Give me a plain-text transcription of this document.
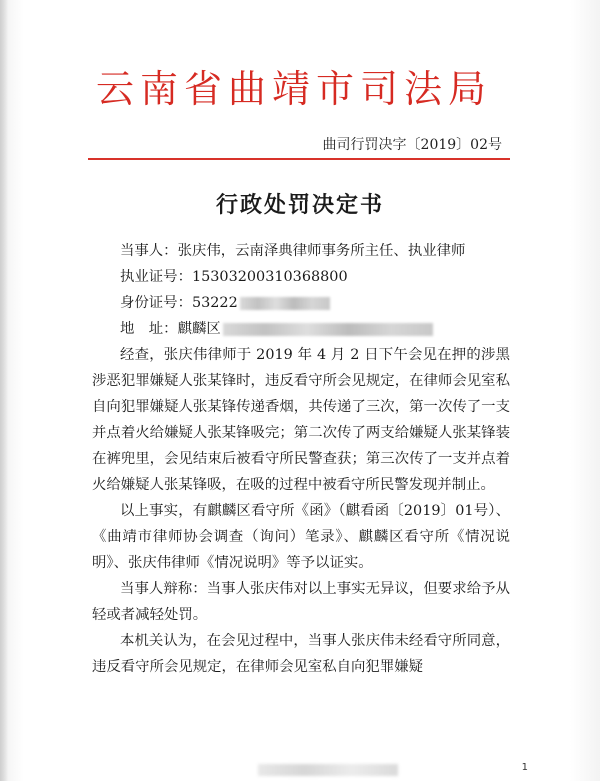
云南省曲靖市司法局
曲司行罚决字〔2019〕02号
行政处罚决定书
当事人：张庆伟，云南泽典律师事务所主任、执业律师
执业证号：15303200310368800
身份证号：53222
地　址：麒麟区

经查，张庆伟律师于 2019 年 4 月 2 日下午会见在押的涉黑涉恶犯罪嫌疑人张某锋时，违反看守所会见规定，在律师会见室私自向犯罪嫌疑人张某锋传递香烟，共传递了三次，第一次传了一支并点着火给嫌疑人张某锋吸完；第二次传了两支给嫌疑人张某锋装在裤兜里，会见结束后被看守所民警查获；第三次传了一支并点着火给嫌疑人张某锋吸，在吸的过程中被看守所民警发现并制止。

以上事实，有麒麟区看守所《函》（麒看函〔2019〕01号）、《曲靖市律师协会调查（询问）笔录》、麒麟区看守所《情况说明》、张庆伟律师《情况说明》等予以证实。

当事人辩称：当事人张庆伟对以上事实无异议，但要求给予从轻或者减轻处罚。

本机关认为，在会见过程中，当事人张庆伟未经看守所同意，违反看守所会见规定，在律师会见室私自向犯罪嫌疑

1
